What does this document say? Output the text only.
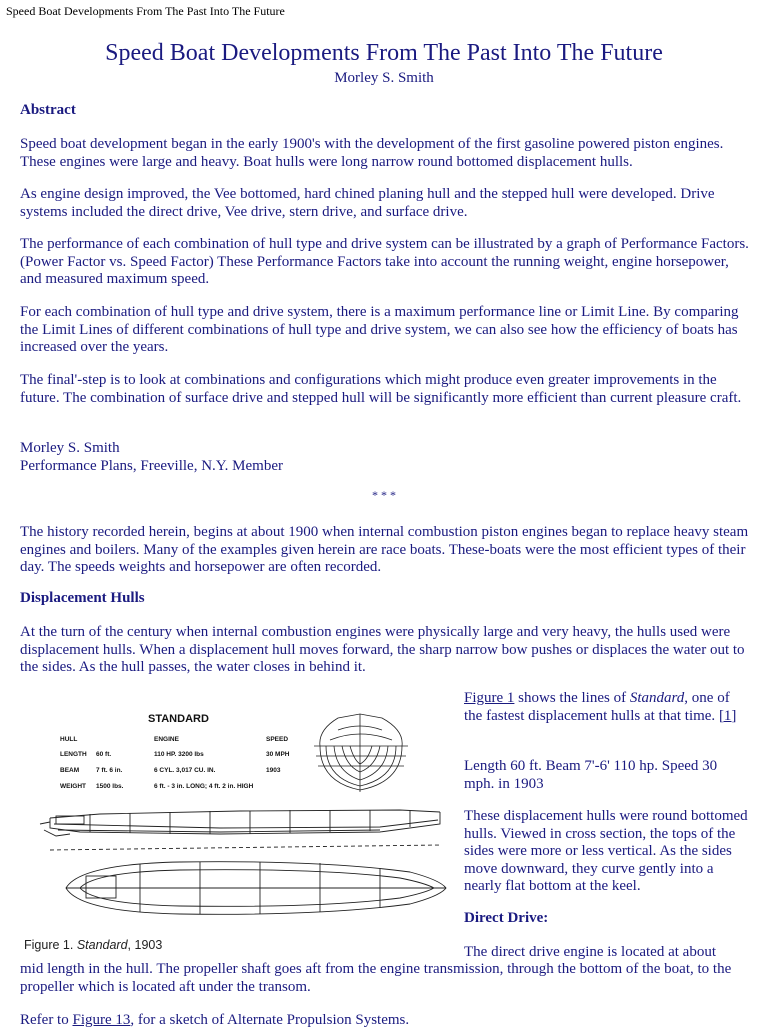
Speed Boat Developments From The Past Into The Future
Speed Boat Developments From The Past Into The Future
Morley S. Smith
Abstract

Speed boat development began in the early 1900's with the development of the first gasoline powered piston engines. These engines were large and heavy. Boat hulls were long narrow round bottomed displacement hulls.

As engine design improved, the Vee bottomed, hard chined planing hull and the stepped hull were developed. Drive systems included the direct drive, Vee drive, stern drive, and surface drive.

The performance of each combination of hull type and drive system can be illustrated by a graph of Performance Factors. (Power Factor vs. Speed Factor) These Performance Factors take into account the running weight, engine horsepower, and measured maximum speed.

For each combination of hull type and drive system, there is a maximum performance line or Limit Line. By comparing the Limit Lines of different combinations of hull type and drive system, we can also see how the efficiency of boats has increased over the years.

The final'-step is to look at combinations and configurations which might produce even greater improvements in the future. The combination of surface drive and stepped hull will be significantly more efficient than current pleasure craft.

Morley S. Smith

Performance Plans, Freeville, N.Y. Member

* * *

The history recorded herein, begins at about 1900 when internal combustion piston engines began to replace heavy steam engines and boilers. Many of the examples given herein are race boats. These-boats were the most efficient types of their day. The speeds weights and horsepower are often recorded.

Displacement Hulls

At the turn of the century when internal combustion engines were physically large and very heavy, the hulls used were displacement hulls. When a displacement hull moves forward, the sharp narrow bow pushes or displaces the water out to the sides. As the hull passes, the water closes in behind it.

STANDARD
HULL	ENGINE	SPEED
LENGTH 60 ft.	110 HP. 3200 lbs	30 MPH
BEAM	7 ft. 6 in.	6 CYL. 3,017 CU. IN.	1903
WEIGHT 1500 lbs.	6 ft. - 3 in. LONG; 4 ft. 2 in. HIGH
Figure 1. Standard, 1903

Figure 1 shows the lines of Standard, one of the fastest displacement hulls at that time. [1]

Length 60 ft. Beam 7'-6' 110 hp. Speed 30 mph. in 1903

These displacement hulls were round bottomed hulls. Viewed in cross section, the tops of the sides were more or less vertical. As the sides move downward, they curve gently into a nearly flat bottom at the keel.

Direct Drive:

The direct drive engine is located at about

mid length in the hull. The propeller shaft goes aft from the engine transmission, through the bottom of the boat, to the propeller which is located aft under the transom.

Refer to Figure 13, for a sketch of Alternate Propulsion Systems.
